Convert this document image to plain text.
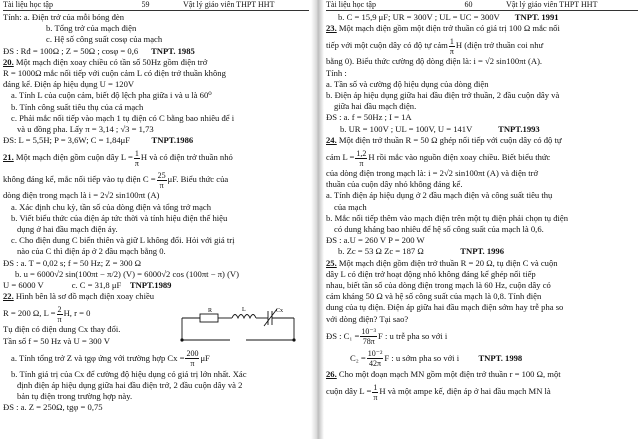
Tài liệu học tập	59	Vật lý giáo viên THPT HHT
Tính: a. Điện trở của mỗi bóng đèn
b. Tổng trở của mạch điện
c. Hệ số công suất cosφ của mạch
ĐS : Rđ = 100Ω ; Z = 50Ω ; cosφ = 0,6 TNPT. 1985
20. Một mạch điện xoay chiều có tần số 50Hz gồm điện trở
R = 1000Ω mắc nối tiếp với cuộn cảm L có điện trở thuần không
đáng kể. Điện áp hiệu dụng U = 120V
a. Tính L của cuộn cảm, biết độ lệch pha giữa i và u là 60⁰
b. Tính công suất tiêu thụ của cả mạch
c. Phải mắc nối tiếp vào mạch 1 tụ điện có C bằng bao nhiêu để i
và u đồng pha. Lấy π = 3,14 ; √3 = 1,73
ĐS: L = 5,5H; P = 3,6W; C = 1,84μF TNPT.1986
21. Một mạch điện gồm cuộn dây $L = \frac{1}{\pi}$ H và có điện trở thuần nhỏ
không đáng kể, mắc nối tiếp vào tụ điện $C = \frac{25}{\pi} \mu F$. Biểu thức của
dòng điện trong mạch là i = 2√2 sin100πt (A)
a. Xác định chu kỳ, tần số của dòng điện và tổng trở mạch
b. Viết biểu thức của điện áp tức thời và tính hiệu điện thế hiệu
dụng ở hai đầu mạch điện áy.
c. Cho điện dung C biến thiên và giữ L không đổi. Hỏi với giá trị
nào của C thì điện áp ở 2 đầu mạch bằng 0.
ĐS : a. T = 0,02 s; f = 50 Hz; Z = 300 Ω
b. u = 6000√2 sin(100πt − π/2) (V) = 6000√2 cos (100πt − π) (V)
U = 6000 V	c. C = 31,8 μF TNPT.1989
22. Hình bên là sơ đồ mạch điện xoay chiều
R = 200 Ω, $L = \frac{2}{\pi} H$, r = 0
Tụ điện có điện dung Cx thay đổi.
Tần số f = 50 Hz và U = 300 V
a. Tính tổng trở Z và tgφ ứng với trường hợp $Cx = \frac{200}{\pi}$ μF
b. Tính giá trị của Cx để cường độ hiệu dụng có giá trị lớn nhất. Xác
định điện áp hiệu dụng giữa hai đầu điện trở, 2 đầu cuộn dây và 2
bản tụ điện trong trường hợp này.
ĐS : a. Z = 250Ω, tgφ = 0,75
R	L	Cx
Tài liệu học tập	60	Vật lý giáo viên THPT HHT
b. C = 15,9 μF; UR = 300V ; UL = UC = 300V TNPT. 1991
23. Một mạch điện gồm một điện trở thuần có giá trị 100 Ω mắc nối
tiếp với một cuộn dây có độ tự cảm $\frac{1}{\pi}$ H (điện trở thuần coi như
bằng 0). Biểu thức cường độ dòng điện là: i = √2 sin100πt (A).
Tính :
a. Tần số và cường độ hiệu dụng của dòng điện
b. Điện áp hiệu dụng giữa hai đầu điện trở thuần, 2 đầu cuộn dây và
giữa hai đầu mạch điện.
ĐS : a. f = 50Hz ; I = 1A
b. UR = 100V ; UL = 100V, U = 141V	TNPT.1993
24. Một điện trở thuần R = 50 Ω ghép nối tiếp với cuộn dây có độ tự
cảm $L = \frac{1,2}{\pi}$ H rồi mắc vào nguồn điện xoay chiều. Biết biểu thức
của dòng điện trong mạch là: i = 2√2 sin100πt (A) và điện trở
thuần của cuộn dây nhỏ không đáng kể.
a. Tính điện áp hiệu dụng ở 2 đầu mạch điện và công suất tiêu thụ
của mạch
b. Mắc nối tiếp thêm vào mạch điện trên một tụ điện phải chọn tụ điện
có dung kháng bao nhiêu để hệ số công suất của mạch là 0,6.
ĐS : a.U = 260 V P = 200 W
b. Zc = 53 Ω Zc = 187 Ω	TNPT. 1996
25. Một mạch điện gồm điện trở thuần R = 20 Ω, tụ điện C và cuộn
dây L có điện trở hoạt động nhỏ không đáng kể ghép nối tiếp
nhau, biết tần số của dòng điện trong mạch là 60 Hz, cuộn dây có
cảm kháng 50 Ω và hệ số công suất của mạch là 0,8. Tính điện
dung của tụ điện. Điện áp giữa hai đầu mạch điện sớm hay trễ pha so
với dòng điện? Tại sao?
ĐS : $C_1 = \frac{\text{10⁻³}}{78\pi}$ F : u trễ pha so với i
$C_2 = \frac{\text{10⁻²}}{42\pi}$ F : u sớm pha so với i TNPT. 1998
26. Cho một đoạn mạch MN gồm một điện trở thuần r = 100 Ω, một
cuộn dây $L = \frac{1}{\pi}$ H và một ampe kế, điện áp ở hai đầu mạch MN là
